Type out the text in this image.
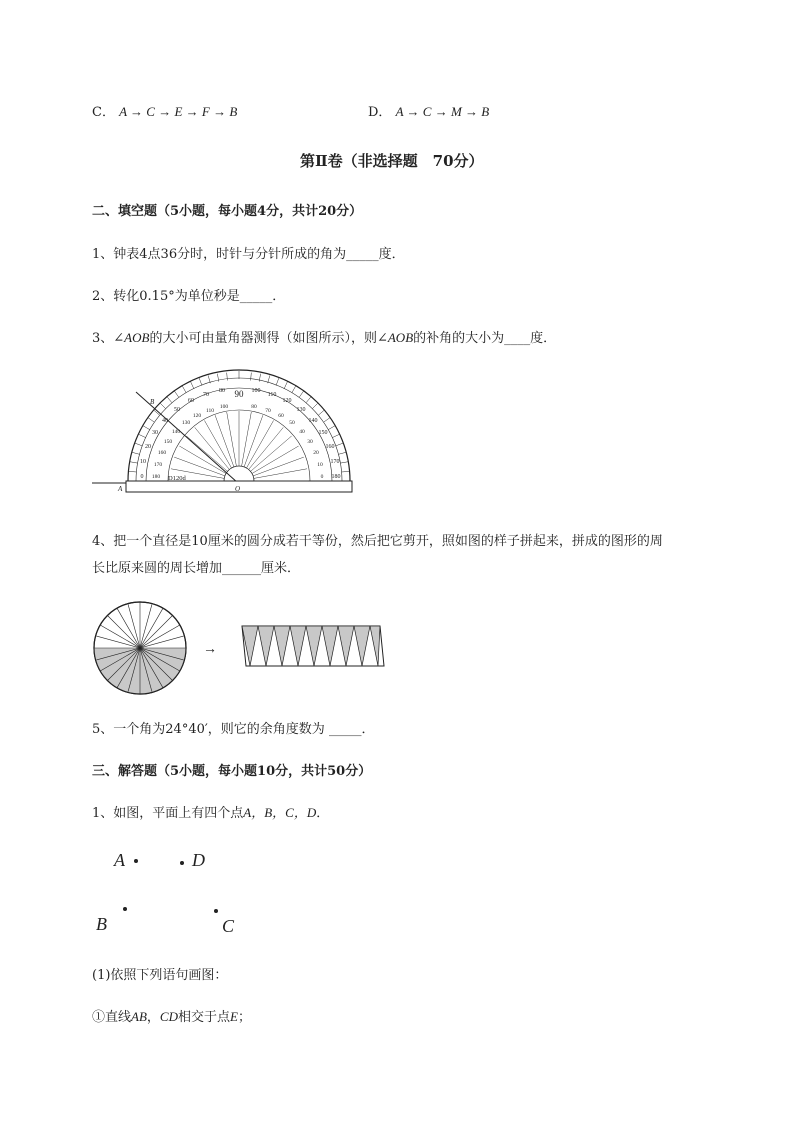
C． A → C → E → F → B	D． A → C → M → B
第Ⅱ卷（非选择题　70分）
二、填空题（5小题，每小题4分，共计20分）
1、钟表4点36分时，时针与分针所成的角为_____度．
2、转化0.15°为单位秒是_____．
3、∠AOB的大小可由量角器测得（如图所示），则∠AOB的补角的大小为____度．
0
10
20
30
40
50
60
70
80 90 100
110
120
130
140
150
160
170
180
180
170
160
150
140
130
120
110
100	80
70
60
50
40
30
20
10
0
B
A	O
D120d
4、把一个直径是10厘米的圆分成若干等份，然后把它剪开，照如图的样子拼起来，拼成的图形的周
长比原来圆的周长增加______厘米．
→
5、一个角为24°40′，则它的余角度数为 _____．
三、解答题（5小题，每小题10分，共计50分）
1、如图，平面上有四个点A，B，C，D．
A	D
B	C
(1)依照下列语句画图：
①直线AB，CD相交于点E；
